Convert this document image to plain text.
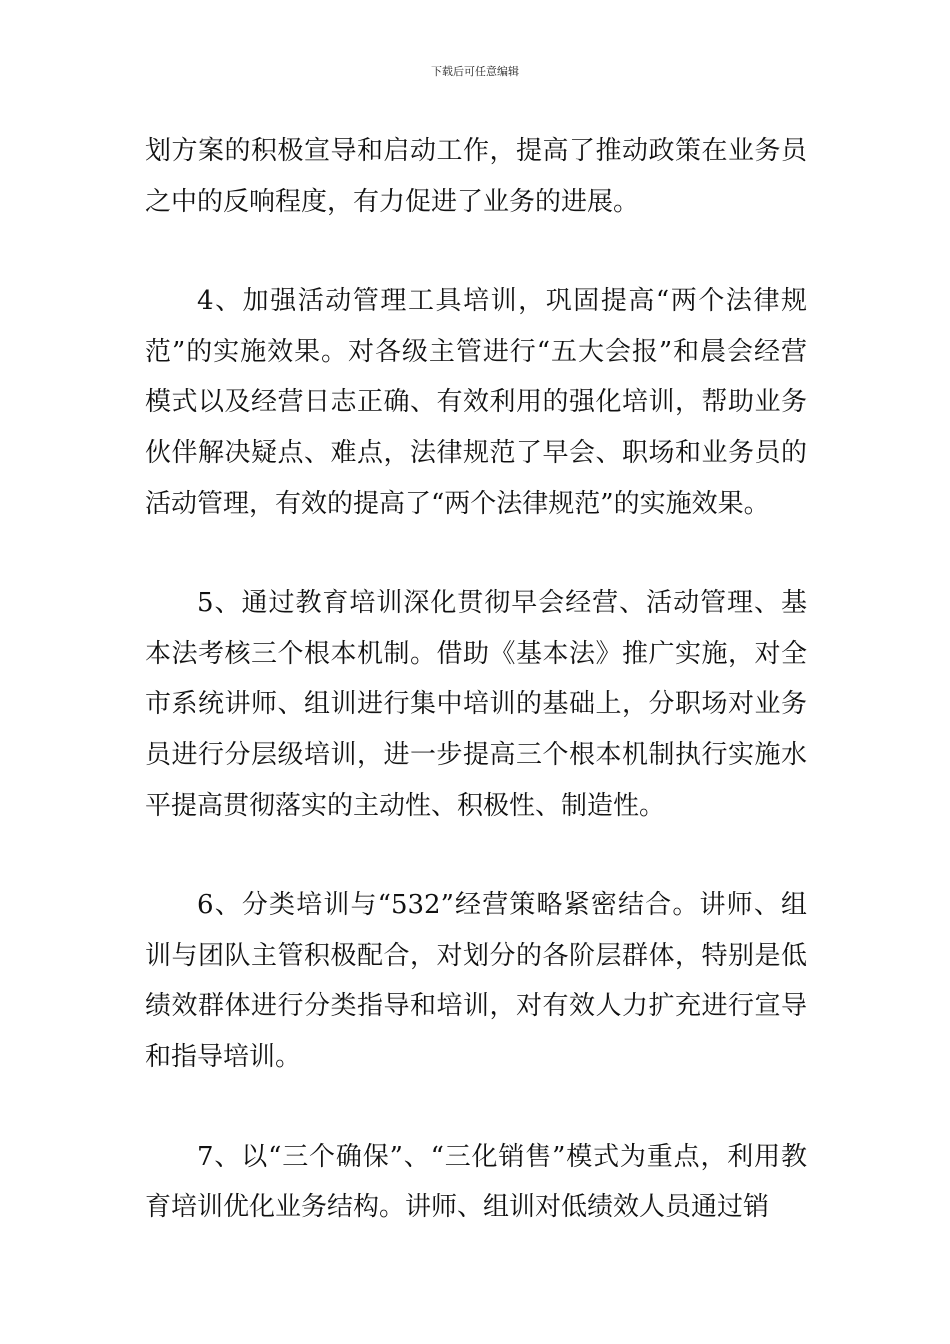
下载后可任意编辑

划方案的积极宣导和启动工作，提高了推动政策在业务员之中的反响程度，有力促进了业务的进展。

4、加强活动管理工具培训，巩固提高“两个法律规范”的实施效果。对各级主管进行“五大会报”和晨会经营模式以及经营日志正确、有效利用的强化培训，帮助业务伙伴解决疑点、难点，法律规范了早会、职场和业务员的活动管理，有效的提高了“两个法律规范”的实施效果。

5、通过教育培训深化贯彻早会经营、活动管理、基本法考核三个根本机制。借助《基本法》推广实施，对全市系统讲师、组训进行集中培训的基础上，分职场对业务员进行分层级培训，进一步提高三个根本机制执行实施水平提高贯彻落实的主动性、积极性、制造性。

6、分类培训与“532”经营策略紧密结合。讲师、组训与团队主管积极配合，对划分的各阶层群体，特别是低绩效群体进行分类指导和培训，对有效人力扩充进行宣导和指导培训。

7、以“三个确保”、“三化销售”模式为重点，利用教育培训优化业务结构。讲师、组训对低绩效人员通过销
